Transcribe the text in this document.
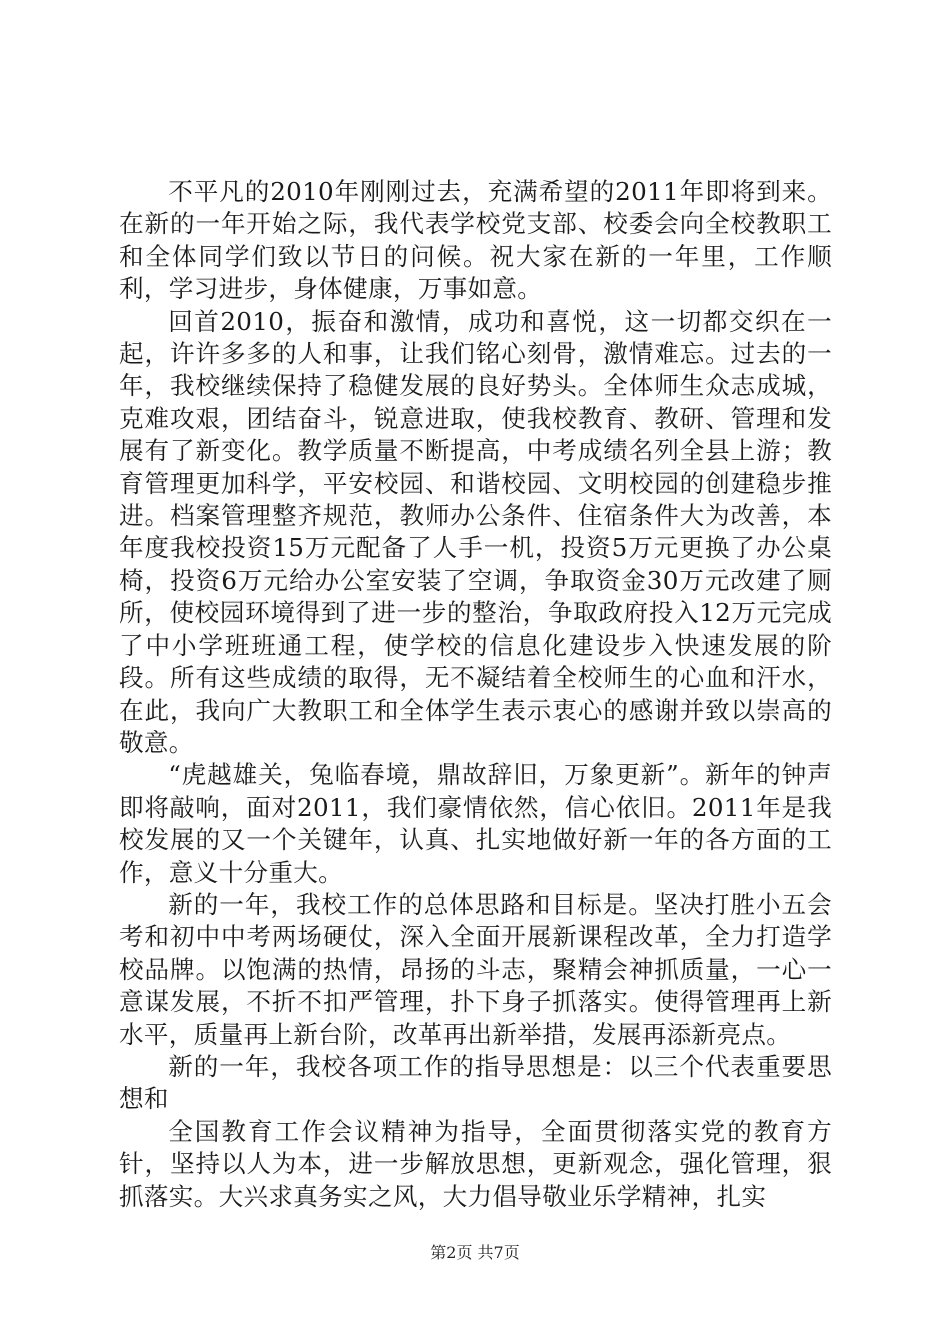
不平凡的2010年刚刚过去，充满希望的2011年即将到来。在新的一年开始之际，我代表学校党支部、校委会向全校教职工和全体同学们致以节日的问候。祝大家在新的一年里，工作顺利，学习进步，身体健康，万事如意。

回首2010，振奋和激情，成功和喜悦，这一切都交织在一起，许许多多的人和事，让我们铭心刻骨，激情难忘。过去的一年，我校继续保持了稳健发展的良好势头。全体师生众志成城，克难攻艰，团结奋斗，锐意进取，使我校教育、教研、管理和发展有了新变化。教学质量不断提高，中考成绩名列全县上游；教育管理更加科学，平安校园、和谐校园、文明校园的创建稳步推进。档案管理整齐规范，教师办公条件、住宿条件大为改善，本年度我校投资15万元配备了人手一机，投资5万元更换了办公桌椅，投资6万元给办公室安装了空调，争取资金30万元改建了厕所，使校园环境得到了进一步的整治，争取政府投入12万元完成了中小学班班通工程，使学校的信息化建设步入快速发展的阶段。所有这些成绩的取得，无不凝结着全校师生的心血和汗水，在此，我向广大教职工和全体学生表示衷心的感谢并致以崇高的敬意。

“虎越雄关，兔临春境，鼎故辞旧，万象更新”。新年的钟声即将敲响，面对2011，我们豪情依然，信心依旧。2011年是我校发展的又一个关键年，认真、扎实地做好新一年的各方面的工作，意义十分重大。

新的一年，我校工作的总体思路和目标是。坚决打胜小五会考和初中中考两场硬仗，深入全面开展新课程改革，全力打造学校品牌。以饱满的热情，昂扬的斗志，聚精会神抓质量，一心一意谋发展，不折不扣严管理，扑下身子抓落实。使得管理再上新水平，质量再上新台阶，改革再出新举措，发展再添新亮点。

新的一年，我校各项工作的指导思想是：以三个代表重要思想和

全国教育工作会议精神为指导，全面贯彻落实党的教育方针，坚持以人为本，进一步解放思想，更新观念，强化管理，狠抓落实。大兴求真务实之风，大力倡导敬业乐学精神，扎实

第2页 共7页
